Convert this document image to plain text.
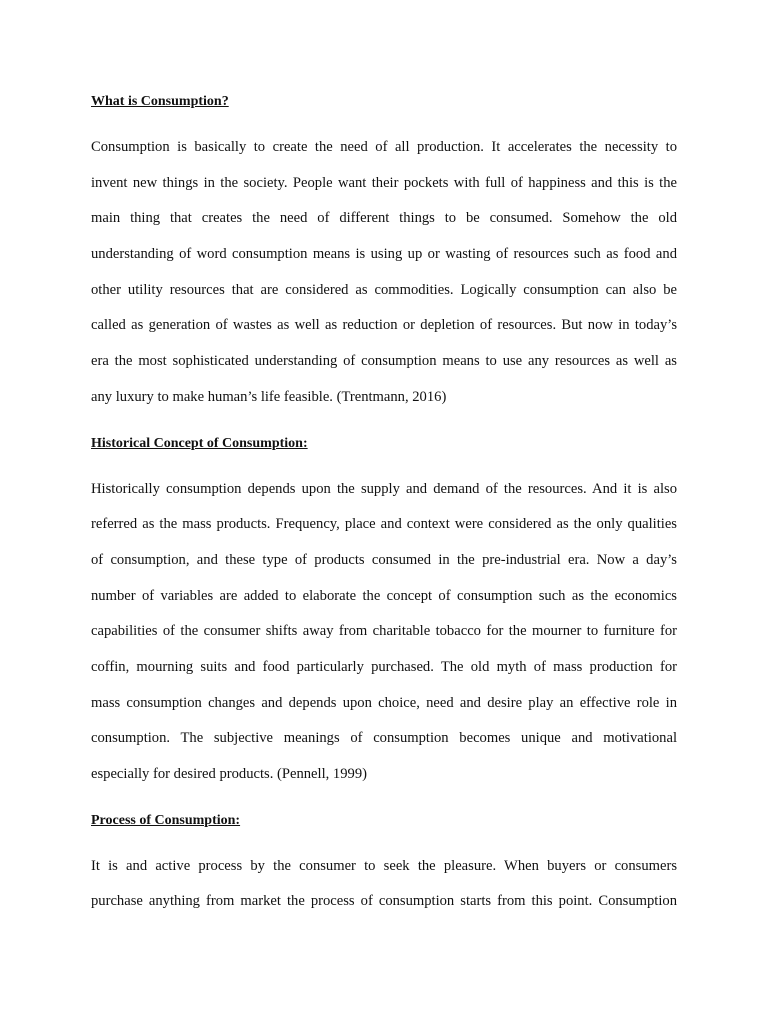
What is Consumption?
Consumption is basically to create the need of all production. It accelerates the necessity to
invent new things in the society. People want their pockets with full of happiness and this is the
main thing that creates the need of different things to be consumed. Somehow the old
understanding of word consumption means is using up or wasting of resources such as food and
other utility resources that are considered as commodities. Logically consumption can also be
called as generation of wastes as well as reduction or depletion of resources. But now in today’s
era the most sophisticated understanding of consumption means to use any resources as well as
any luxury to make human’s life feasible. (Trentmann, 2016)
Historical Concept of Consumption:
Historically consumption depends upon the supply and demand of the resources. And it is also
referred as the mass products. Frequency, place and context were considered as the only qualities
of consumption, and these type of products consumed in the pre-industrial era. Now a day’s
number of variables are added to elaborate the concept of consumption such as the economics
capabilities of the consumer shifts away from charitable tobacco for the mourner to furniture for
coffin, mourning suits and food particularly purchased. The old myth of mass production for
mass consumption changes and depends upon choice, need and desire play an effective role in
consumption. The subjective meanings of consumption becomes unique and motivational
especially for desired products. (Pennell, 1999)
Process of Consumption:
It is and active process by the consumer to seek the pleasure. When buyers or consumers
purchase anything from market the process of consumption starts from this point. Consumption
